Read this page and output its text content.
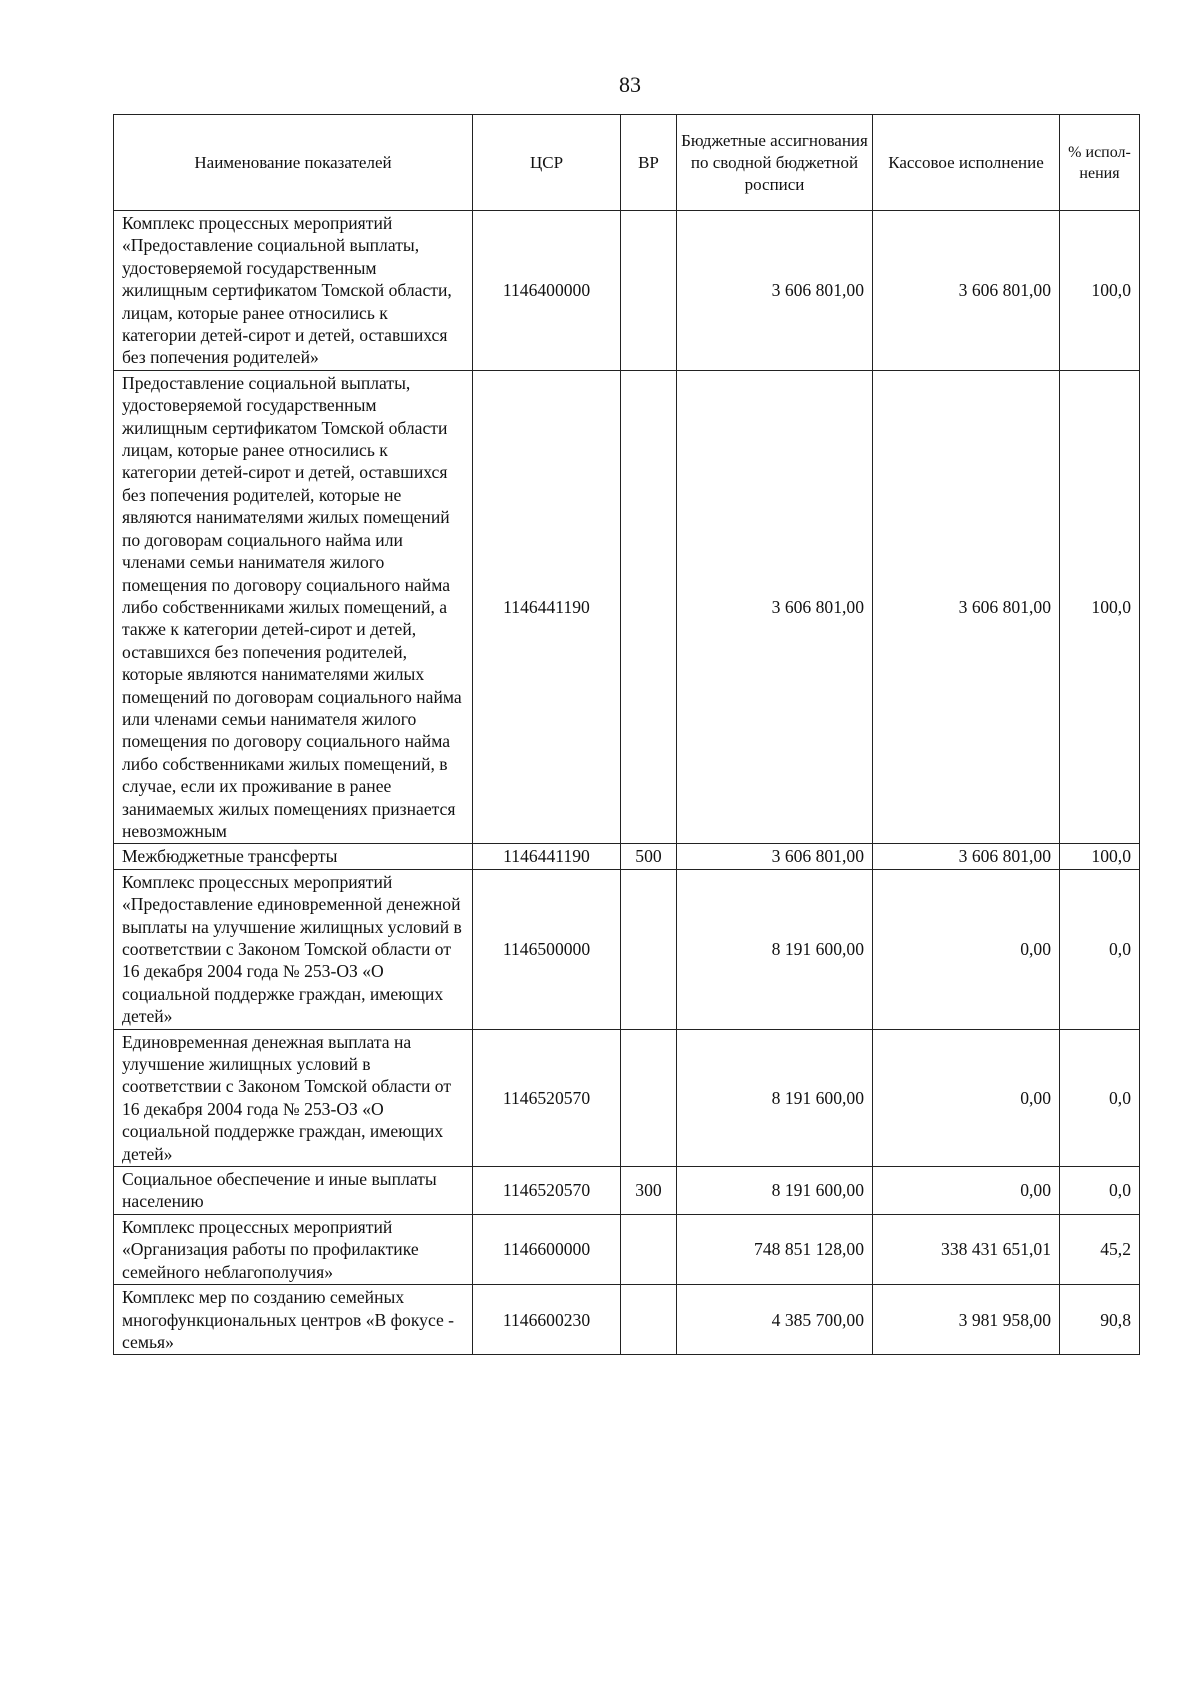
83
Наименование показателей	ЦСР	ВР	Бюджетные ассигнования по сводной бюджетной росписи	Кассовое исполнение	% испол-нения
Комплекс процессных мероприятий «Предоставление социальной выплаты, удостоверяемой государственным жилищным сертификатом Томской области, лицам, которые ранее относились к категории детей-сирот и детей, оставшихся без попечения родителей»	1146400000		3 606 801,00	3 606 801,00	100,0
Предоставление социальной выплаты, удостоверяемой государственным жилищным сертификатом Томской области лицам, которые ранее относились к категории детей-сирот и детей, оставшихся без попечения родителей, которые не являются нанимателями жилых помещений по договорам социального найма или членами семьи нанимателя жилого помещения по договору социального найма либо собственниками жилых помещений, а также к категории детей-сирот и детей, оставшихся без попечения родителей, которые являются нанимателями жилых помещений по договорам социального найма или членами семьи нанимателя жилого помещения по договору социального найма либо собственниками жилых помещений, в случае, если их проживание в ранее занимаемых жилых помещениях признается невозможным	1146441190		3 606 801,00	3 606 801,00	100,0
Межбюджетные трансферты	1146441190	500	3 606 801,00	3 606 801,00	100,0
Комплекс процессных мероприятий «Предоставление единовременной денежной выплаты на улучшение жилищных условий в соответствии с Законом Томской области от 16 декабря 2004 года № 253-ОЗ «О социальной поддержке граждан, имеющих детей»	1146500000		8 191 600,00	0,00	0,0
Единовременная денежная выплата на улучшение жилищных условий в соответствии с Законом Томской области от 16 декабря 2004 года № 253-ОЗ «О социальной поддержке граждан, имеющих детей»	1146520570		8 191 600,00	0,00	0,0
Социальное обеспечение и иные выплаты населению	1146520570	300	8 191 600,00	0,00	0,0
Комплекс процессных мероприятий «Организация работы по профилактике семейного неблагополучия»	1146600000		748 851 128,00	338 431 651,01	45,2
Комплекс мер по созданию семейных многофункциональных центров «В фокусе - семья»	1146600230		4 385 700,00	3 981 958,00	90,8
